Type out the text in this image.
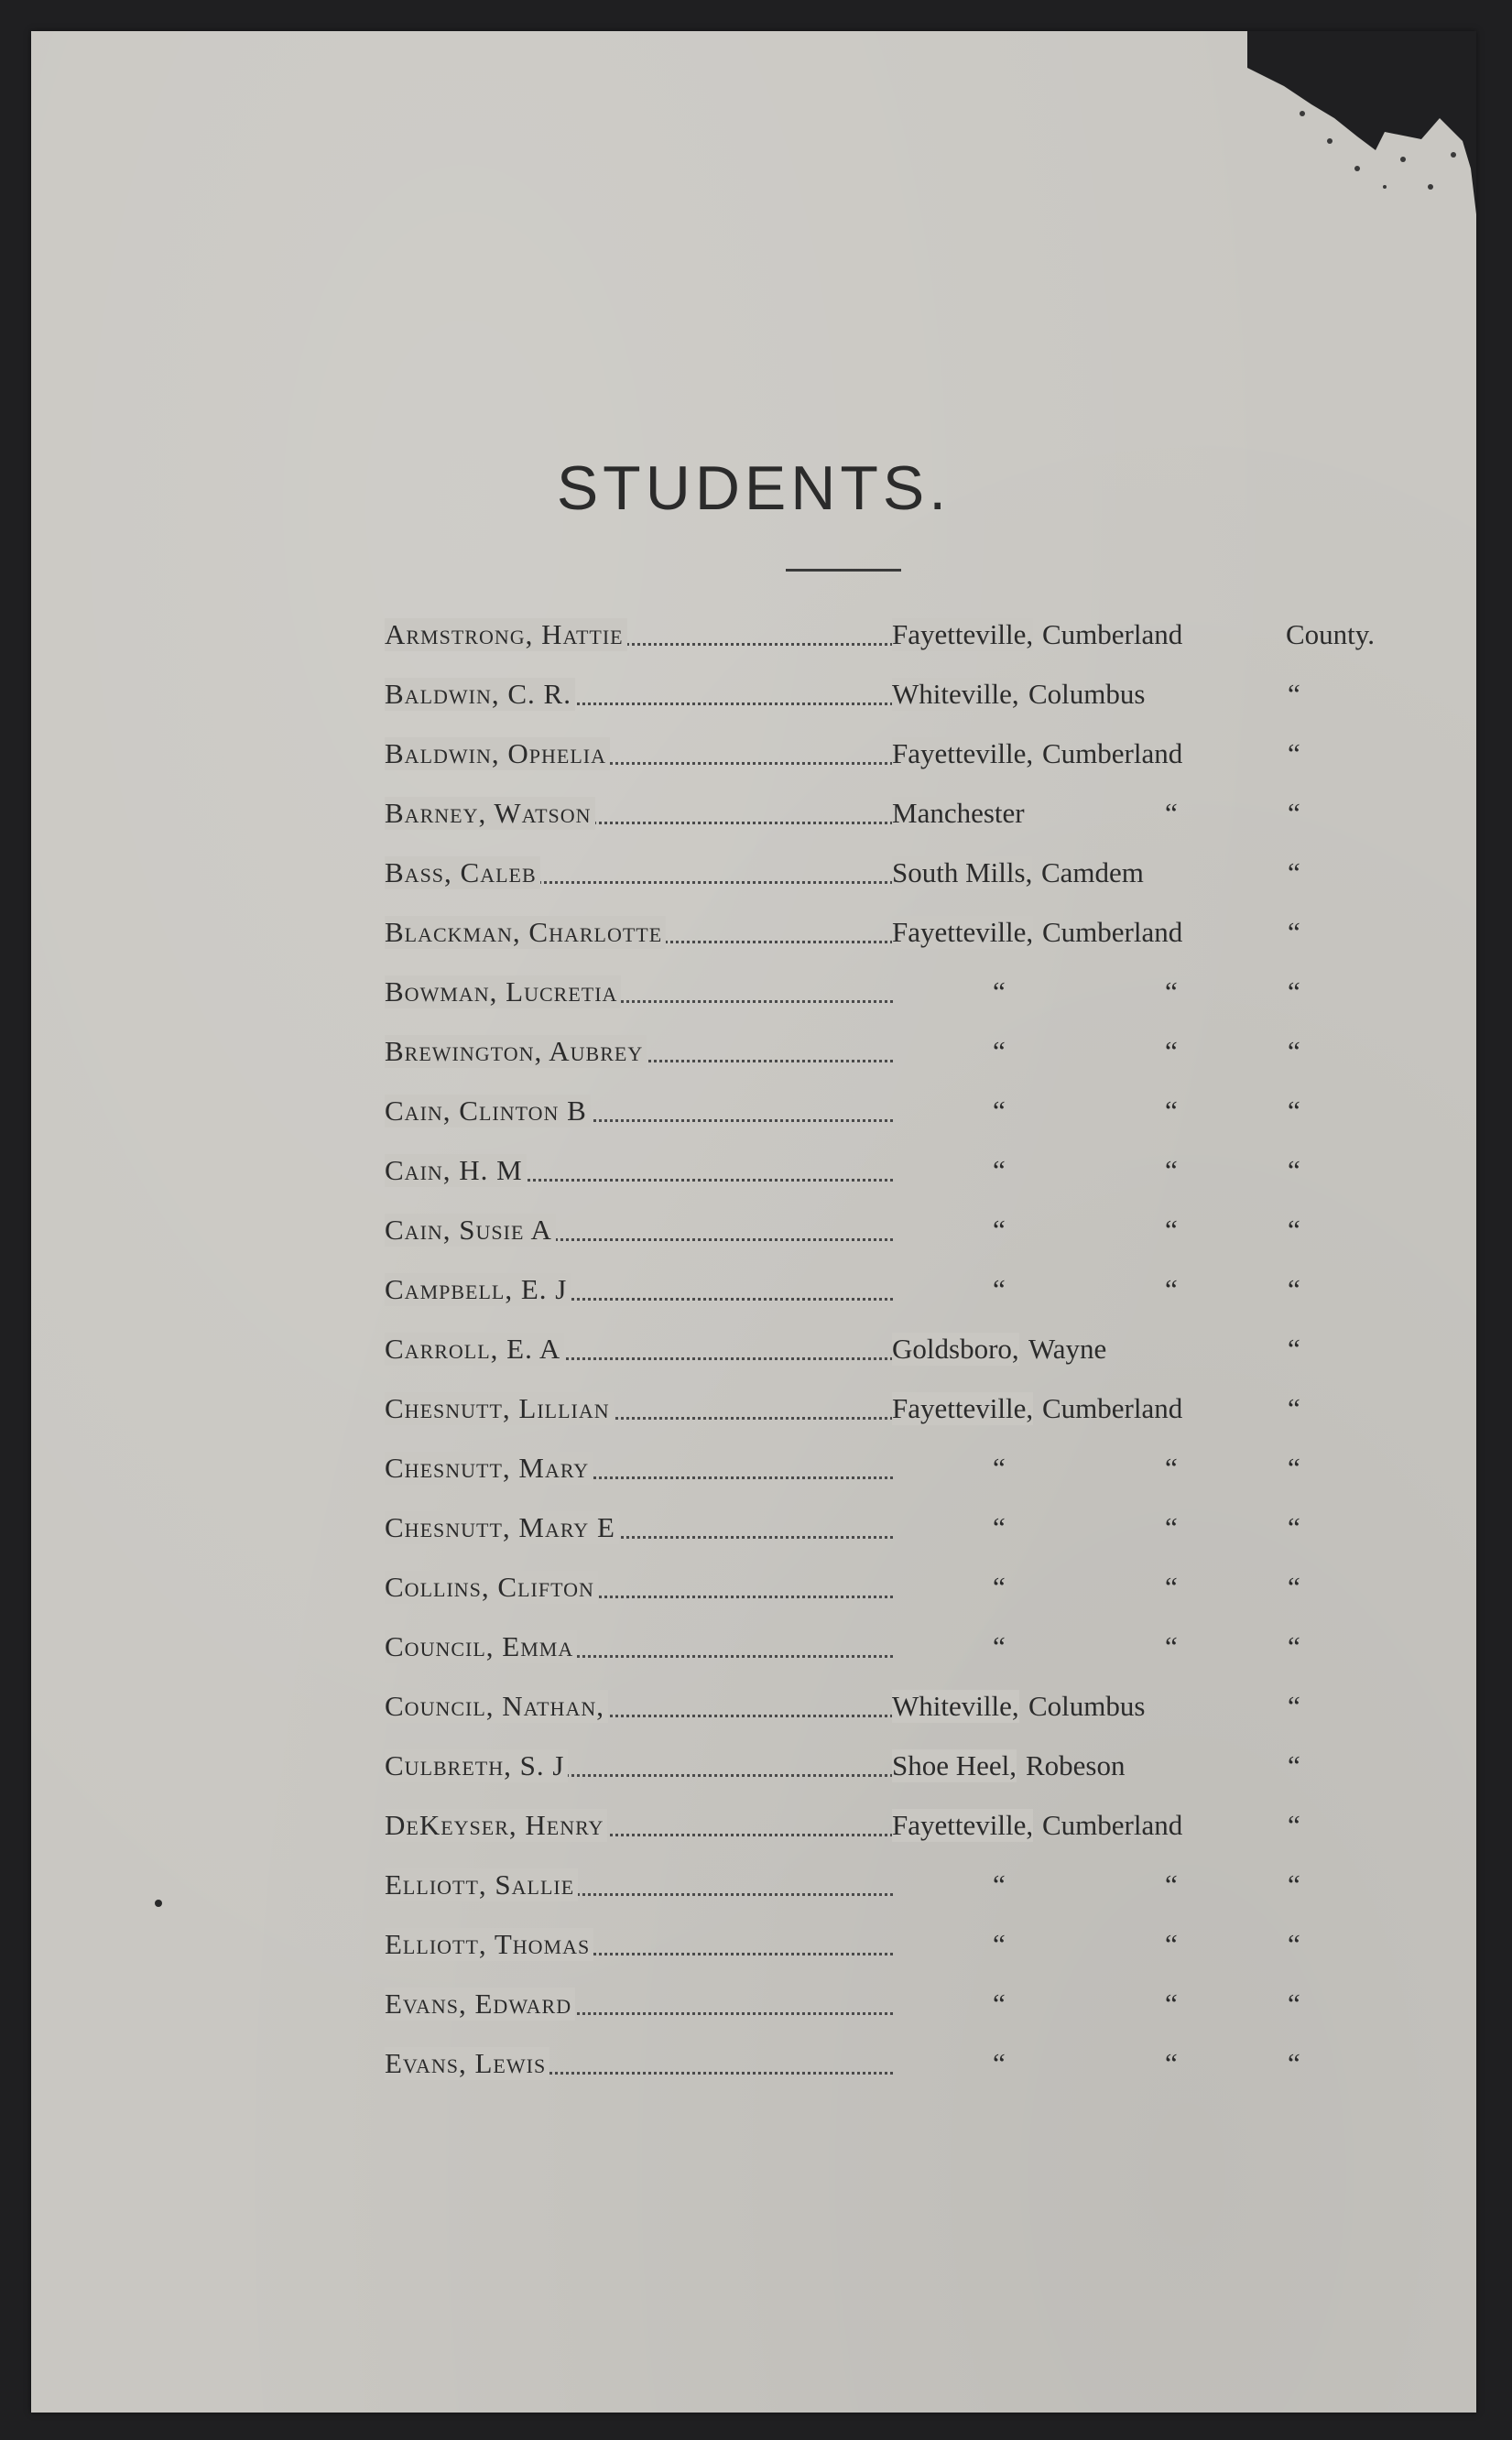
STUDENTS.
Armstrong, Hattie	Fayetteville, Cumberland	County.
Baldwin, C. R.	Whiteville, Columbus	“
Baldwin, Ophelia	Fayetteville, Cumberland	“
Barney, Watson	Manchester	“	“
Bass, Caleb	South Mills, Camdem	“
Blackman, Charlotte	Fayetteville, Cumberland	“
Bowman, Lucretia	“	“	“
Brewington, Aubrey	“	“	“
Cain, Clinton B	“	“	“
Cain, H. M	“	“	“
Cain, Susie A	“	“	“
Campbell, E. J	“	“	“
Carroll, E. A	Goldsboro, Wayne	“
Chesnutt, Lillian	Fayetteville, Cumberland	“
Chesnutt, Mary	“	“	“
Chesnutt, Mary E	“	“	“
Collins, Clifton	“	“	“
Council, Emma	“	“	“
Council, Nathan,	Whiteville, Columbus	“
Culbreth, S. J	Shoe Heel, Robeson	“
DeKeyser, Henry	Fayetteville, Cumberland	“
Elliott, Sallie	“	“	“
Elliott, Thomas	“	“	“
Evans, Edward	“	“	“
Evans, Lewis	“	“	“
